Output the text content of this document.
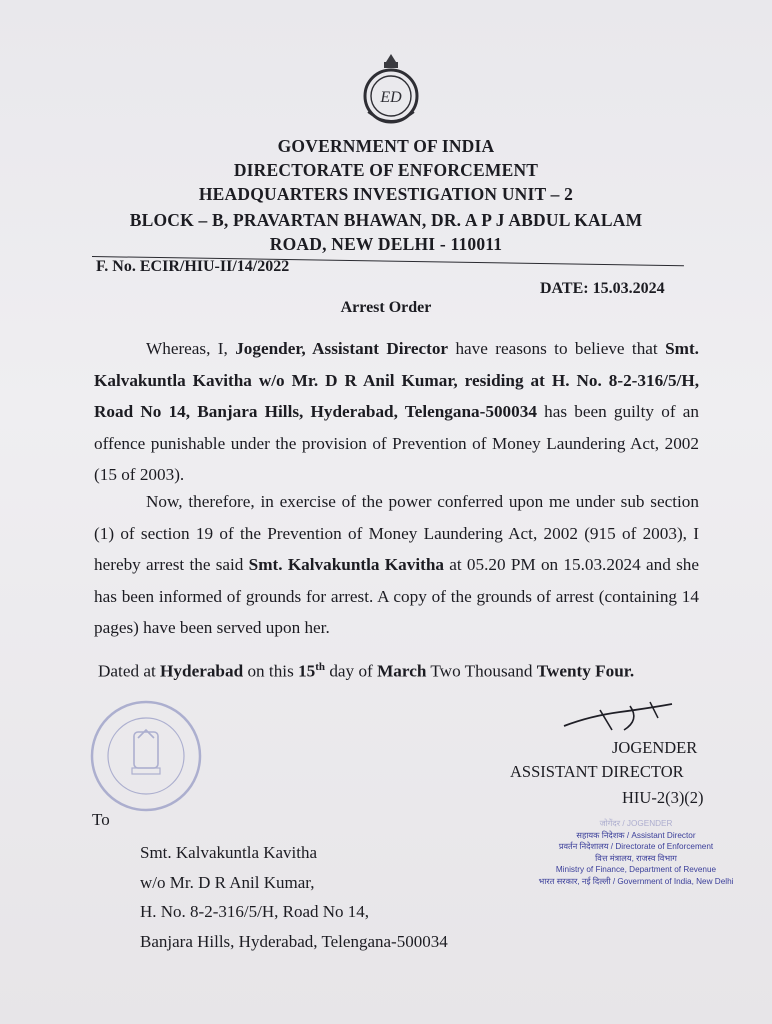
ED
GOVERNMENT OF INDIA
DIRECTORATE OF ENFORCEMENT
HEADQUARTERS INVESTIGATION UNIT – 2
BLOCK – B, PRAVARTAN BHAWAN, DR. A P J ABDUL KALAM
ROAD, NEW DELHI - 110011
F. No. ECIR/HIU-II/14/2022
DATE: 15.03.2024
Arrest Order
Whereas, I, Jogender, Assistant Director have reasons to believe that Smt. Kalvakuntla Kavitha w/o Mr. D R Anil Kumar, residing at H. No. 8-2-316/5/H, Road No 14, Banjara Hills, Hyderabad, Telengana-500034 has been guilty of an offence punishable under the provision of Prevention of Money Laundering Act, 2002 (15 of 2003).
Now, therefore, in exercise of the power conferred upon me under sub section (1) of section 19 of the Prevention of Money Laundering Act, 2002 (915 of 2003), I hereby arrest the said Smt. Kalvakuntla Kavitha at 05.20 PM on 15.03.2024 and she has been informed of grounds for arrest. A copy of the grounds of arrest (containing 14 pages) have been served upon her.
Dated at Hyderabad on this 15th day of March Two Thousand Twenty Four.
JOGENDER
ASSISTANT DIRECTOR
HIU-2(3)(2)
To
Smt. Kalvakuntla Kavitha
w/o Mr. D R Anil Kumar,
H. No. 8-2-316/5/H, Road No 14,
Banjara Hills, Hyderabad, Telengana-500034
जोगेंदर / JOGENDER
सहायक निदेशक / Assistant Director
प्रवर्तन निदेशालय / Directorate of Enforcement
वित्त मंत्रालय, राजस्व विभाग
Ministry of Finance, Department of Revenue
भारत सरकार, नई दिल्ली / Government of India, New Delhi
